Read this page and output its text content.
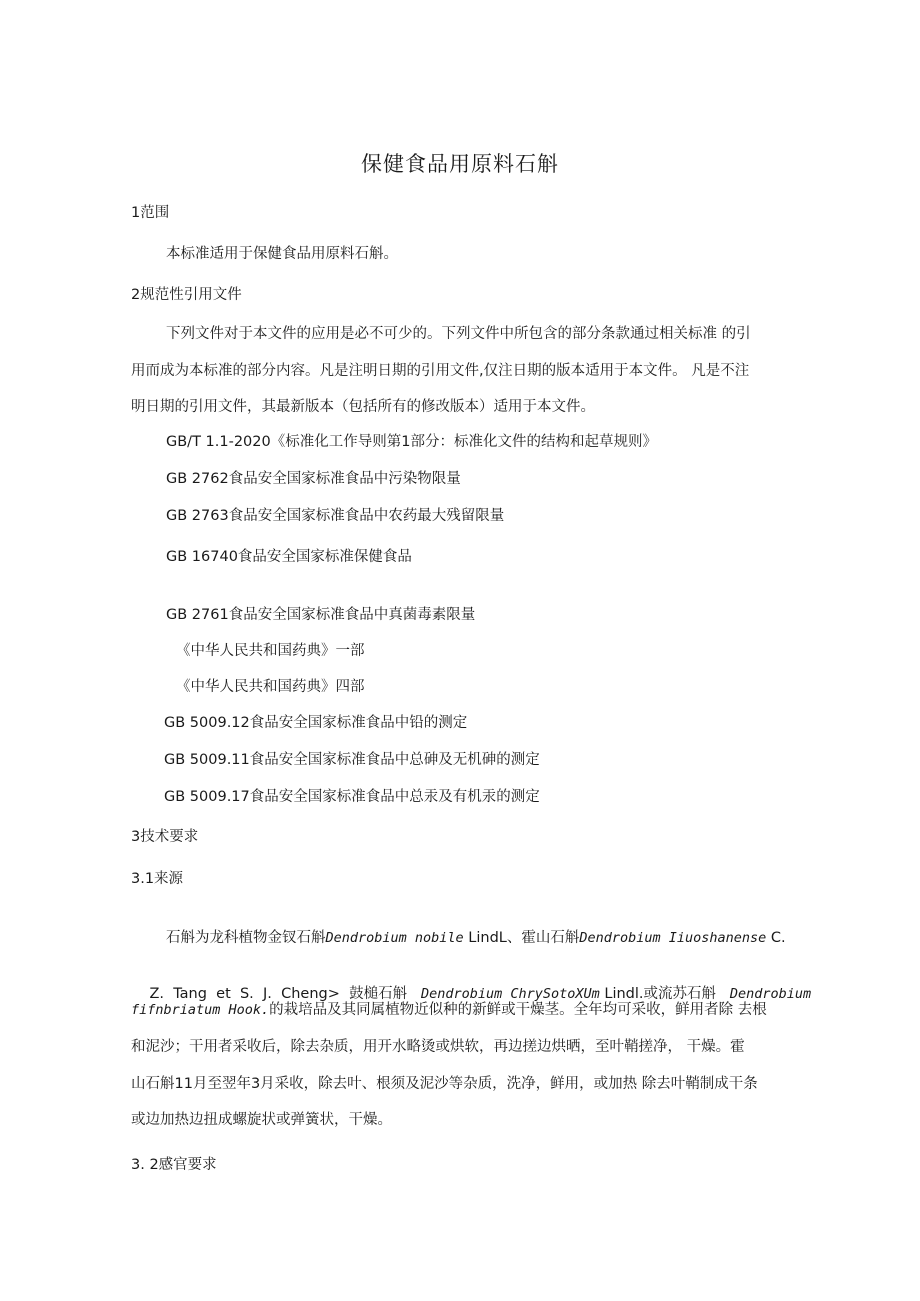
保健食品用原料石斛
1范围
本标准适用于保健食品用原料石斛。
2规范性引用文件
下列文件对于本文件的应用是必不可少的。下列文件中所包含的部分条款通过相关标准 的引
用而成为本标准的部分内容。凡是注明日期的引用文件,仅注日期的版本适用于本文件。 凡是不注
明日期的引用文件，其最新版本（包括所有的修改版本）适用于本文件。
GB/T 1.1-2020《标准化工作导则第1部分：标准化文件的结构和起草规则》
GB 2762食品安全国家标准食品中污染物限量
GB 2763食品安全国家标准食品中农药最大残留限量
GB 16740食品安全国家标准保健食品
GB 2761食品安全国家标准食品中真菌毒素限量
《中华人民共和国药典》一部
《中华人民共和国药典》四部
GB 5009.12食品安全国家标准食品中铅的测定
GB 5009.11食品安全国家标准食品中总砷及无机砷的测定
GB 5009.17食品安全国家标准食品中总汞及有机汞的测定
3技术要求
3.1来源
石斛为龙科植物金钗石斛Dendrobium nobile LindL、霍山石斛Dendrobium Iiuoshanense C.

Z.  Tang  et  S.  J.  Cheng>  鼓槌石斛 Dendrobium ChrySotoXUm Lindl.或流苏石斛 Dendrobium

fifnbriatum Hook.的栽培品及其同属植物近似种的新鲜或干燥茎。全年均可采收，鲜用者除 去根
和泥沙；干用者采收后，除去杂质，用开水略烫或烘软，再边搓边烘晒，至叶鞘搓净， 干燥。霍
山石斛11月至翌年3月采收，除去叶、根须及泥沙等杂质，洗净，鲜用，或加热 除去叶鞘制成干条
或边加热边扭成螺旋状或弹簧状，干燥。
3. 2感官要求
